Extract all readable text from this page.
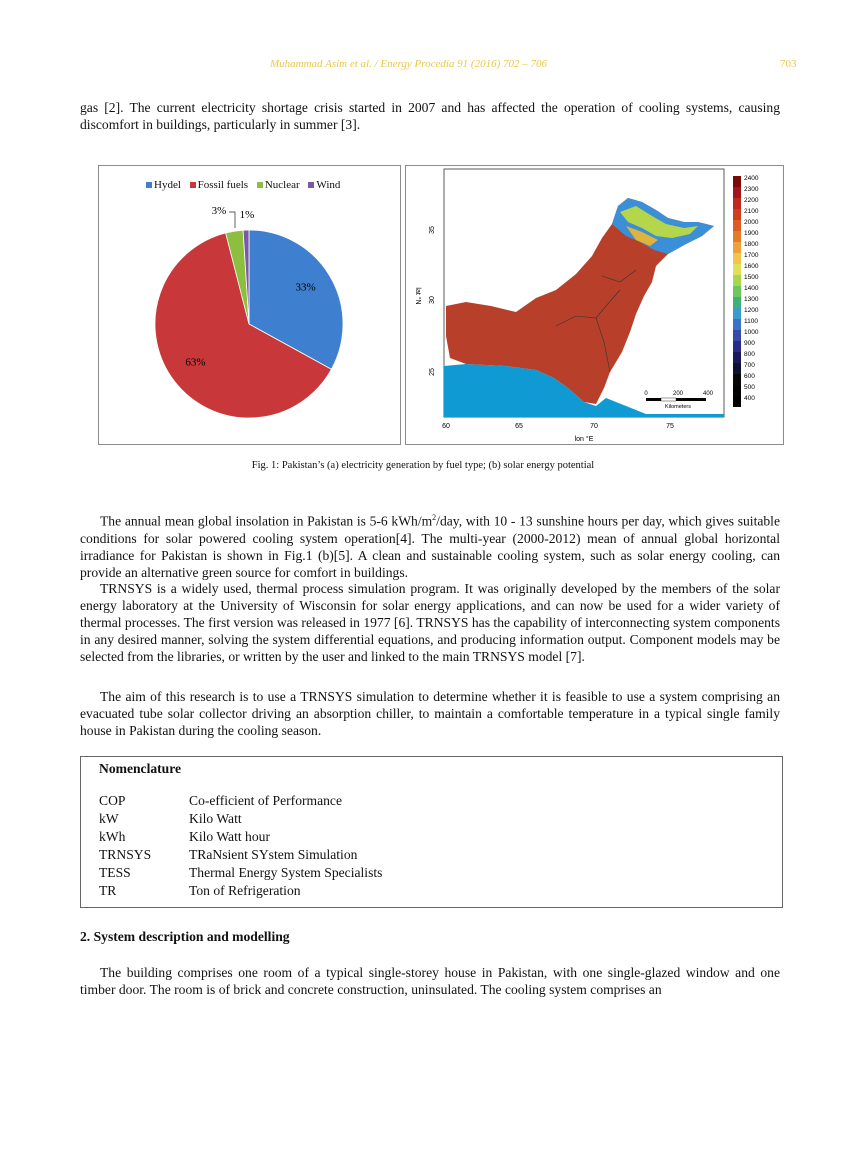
Muhammad Asim et al. / Energy Procedia 91 (2016) 702 – 706	703

gas [2]. The current electricity shortage crisis started in 2007 and has affected the operation of cooling systems, causing discomfort in buildings, particularly in summer [3].

Hydel Fossil fuels Nuclear Wind
33%
63%
3% 1%
35
30
25
lat °N
60	65	70	75
lon °E
0	200	400
Kilometers
2400
2300
2200
2100
2000
1900
1800
1700
1600
1500
1400
1300
1200
1100
1000
900
800
700
600
500
400
Fig. 1: Pakistan’s (a) electricity generation by fuel type; (b) solar energy potential

The annual mean global insolation in Pakistan is 5-6 kWh/$m^2$/day, with 10 - 13 sunshine hours per day, which gives suitable conditions for solar powered cooling system operation[4]. The multi-year (2000-2012) mean of annual global horizontal irradiance for Pakistan is shown in Fig.1 (b)[5]. A clean and sustainable cooling system, such as solar energy cooling, can provide an alternative green source for comfort in buildings.

TRNSYS is a widely used, thermal process simulation program. It was originally developed by the members of the solar energy laboratory at the University of Wisconsin for solar energy applications, and can now be used for a wider variety of thermal processes. The first version was released in 1977 [6]. TRNSYS has the capability of interconnecting system components in any desired manner, solving the system differential equations, and producing information output. Component models may be selected from the libraries, or written by the user and linked to the main TRNSYS model [7].

The aim of this research is to use a TRNSYS simulation to determine whether it is feasible to use a system comprising an evacuated tube solar collector driving an absorption chiller, to maintain a comfortable temperature in a typical single family house in Pakistan during the cooling season.

Nomenclature
COP	Co-efficient of Performance
kW	Kilo Watt
kWh	Kilo Watt hour
TRNSYS	TRaNsient SYstem Simulation
TESS	Thermal Energy System Specialists
TR	Ton of Refrigeration
2. System description and modelling

The building comprises one room of a typical single-storey house in Pakistan, with one single-glazed window and one timber door. The room is of brick and concrete construction, uninsulated. The cooling system comprises an
